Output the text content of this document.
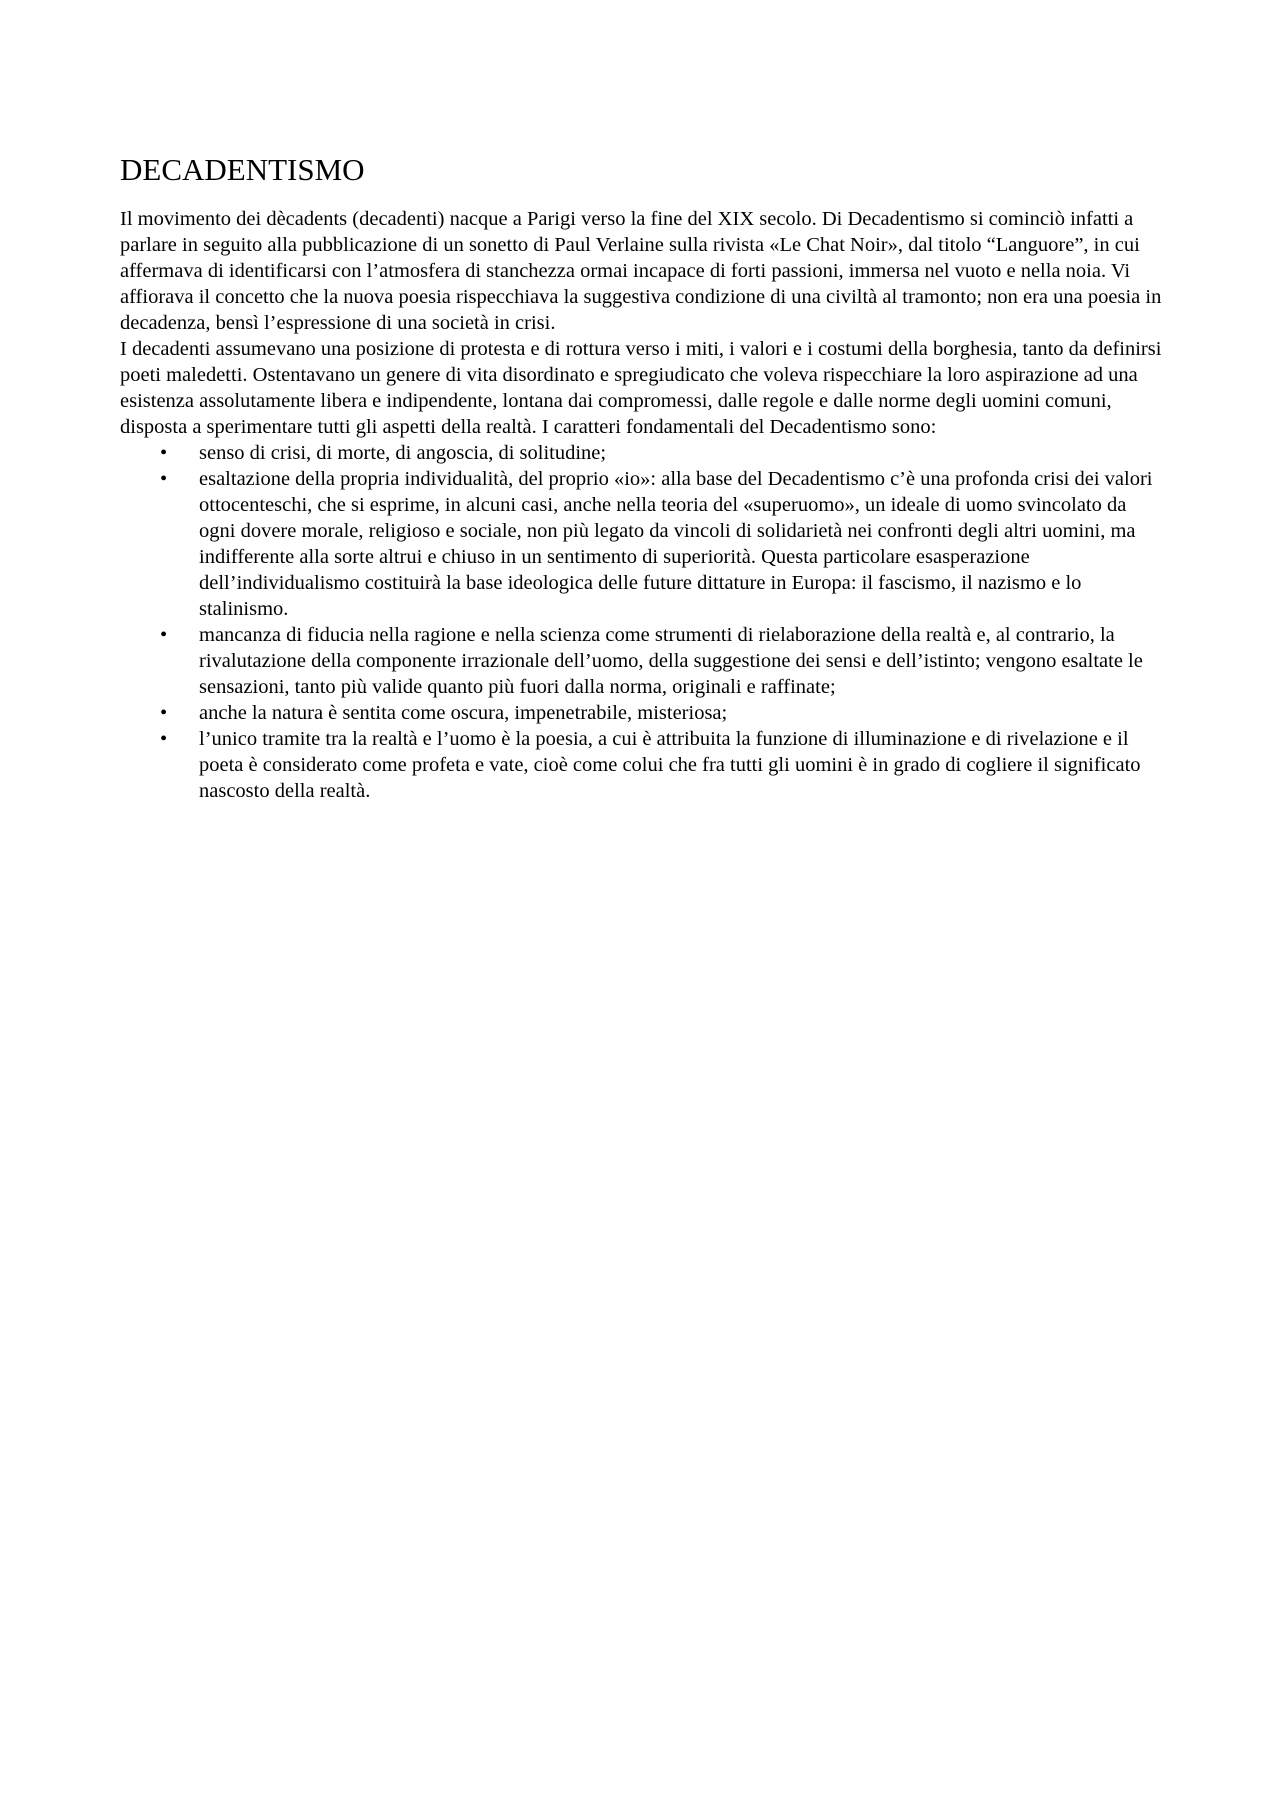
DECADENTISMO

Il movimento dei dècadents (decadenti) nacque a Parigi verso la fine del XIX secolo. Di Decadentismo si cominciò infatti a parlare in seguito alla pubblicazione di un sonetto di Paul Verlaine sulla rivista «Le Chat Noir», dal titolo “Languore”, in cui affermava di identificarsi con l’atmosfera di stanchezza ormai incapace di forti passioni, immersa nel vuoto e nella noia. Vi affiorava il concetto che la nuova poesia rispecchiava la suggestiva condizione di una civiltà al tramonto; non era una poesia in decadenza, bensì l’espressione di una società in crisi.

I decadenti assumevano una posizione di protesta e di rottura verso i miti, i valori e i costumi della borghesia, tanto da definirsi poeti maledetti. Ostentavano un genere di vita disordinato e spregiudicato che voleva rispecchiare la loro aspirazione ad una esistenza assolutamente libera e indipendente, lontana dai compromessi, dalle regole e dalle norme degli uomini comuni, disposta a sperimentare tutti gli aspetti della realtà. I caratteri fondamentali del Decadentismo sono:

•	senso di crisi, di morte, di angoscia, di solitudine;
•	esaltazione della propria individualità, del proprio «io»: alla base del Decadentismo c’è una profonda crisi dei valori ottocenteschi, che si esprime, in alcuni casi, anche nella teoria del «superuomo», un ideale di uomo svincolato da ogni dovere morale, religioso e sociale, non più legato da vincoli di solidarietà nei confronti degli altri uomini, ma indifferente alla sorte altrui e chiuso in un sentimento di superiorità. Questa particolare esasperazione dell’individualismo costituirà la base ideologica delle future dittature in Europa: il fascismo, il nazismo e lo stalinismo.
•	mancanza di fiducia nella ragione e nella scienza come strumenti di rielaborazione della realtà e, al contrario, la rivalutazione della componente irrazionale dell’uomo, della suggestione dei sensi e dell’istinto; vengono esaltate le sensazioni, tanto più valide quanto più fuori dalla norma, originali e raffinate;
•	anche la natura è sentita come oscura, impenetrabile, misteriosa;
•	l’unico tramite tra la realtà e l’uomo è la poesia, a cui è attribuita la funzione di illuminazione e di rivelazione e il poeta è considerato come profeta e vate, cioè come colui che fra tutti gli uomini è in grado di cogliere il significato nascosto della realtà.
